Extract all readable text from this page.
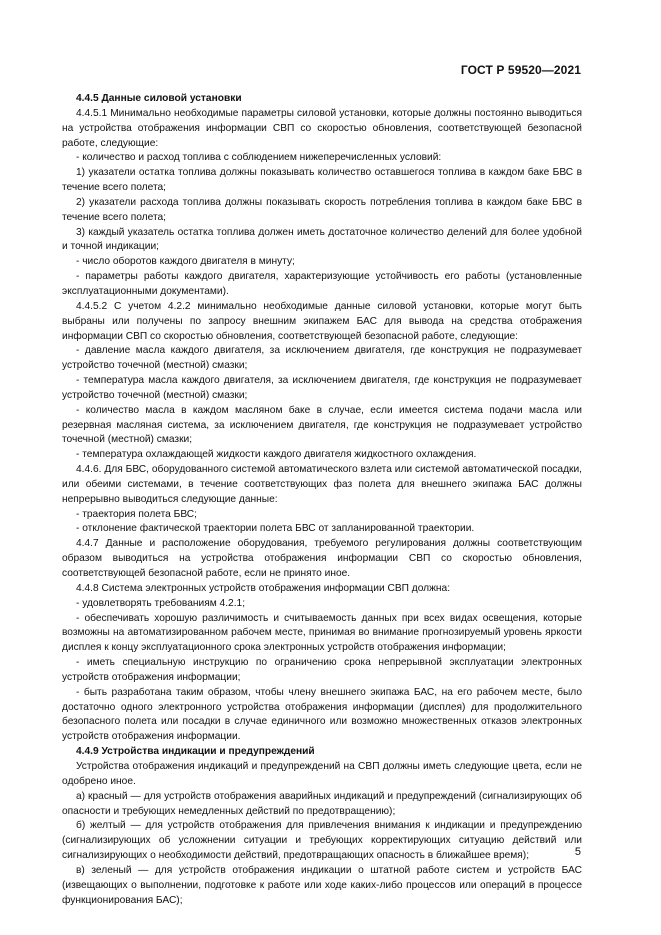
ГОСТ Р 59520—2021

4.4.5 Данные силовой установки

4.4.5.1 Минимально необходимые параметры силовой установки, которые должны постоянно выводиться на устройства отображения информации СВП со скоростью обновления, соответствующей безопасной работе, следующие:

- количество и расход топлива с соблюдением нижеперечисленных условий:

1) указатели остатка топлива должны показывать количество оставшегося топлива в каждом баке БВС в течение всего полета;

2) указатели расхода топлива должны показывать скорость потребления топлива в каждом баке БВС в течение всего полета;

3) каждый указатель остатка топлива должен иметь достаточное количество делений для более удобной и точной индикации;

- число оборотов каждого двигателя в минуту;

- параметры работы каждого двигателя, характеризующие устойчивость его работы (установленные эксплуатационными документами).

4.4.5.2 С учетом 4.2.2 минимально необходимые данные силовой установки, которые могут быть выбраны или получены по запросу внешним экипажем БАС для вывода на средства отображения информации СВП со скоростью обновления, соответствующей безопасной работе, следующие:

- давление масла каждого двигателя, за исключением двигателя, где конструкция не подразумевает устройство точечной (местной) смазки;

- температура масла каждого двигателя, за исключением двигателя, где конструкция не подразумевает устройство точечной (местной) смазки;

- количество масла в каждом масляном баке в случае, если имеется система подачи масла или резервная масляная система, за исключением двигателя, где конструкция не подразумевает устройство точечной (местной) смазки;

- температура охлаждающей жидкости каждого двигателя жидкостного охлаждения.

4.4.6. Для БВС, оборудованного системой автоматического взлета или системой автоматической посадки, или обеими системами, в течение соответствующих фаз полета для внешнего экипажа БАС должны непрерывно выводиться следующие данные:

- траектория полета БВС;

- отклонение фактической траектории полета БВС от запланированной траектории.

4.4.7 Данные и расположение оборудования, требуемого регулирования должны соответствующим образом выводиться на устройства отображения информации СВП со скоростью обновления, соответствующей безопасной работе, если не принято иное.

4.4.8 Система электронных устройств отображения информации СВП должна:

- удовлетворять требованиям 4.2.1;

- обеспечивать хорошую различимость и считываемость данных при всех видах освещения, которые возможны на автоматизированном рабочем месте, принимая во внимание прогнозируемый уровень яркости дисплея к концу эксплуатационного срока электронных устройств отображения информации;

- иметь специальную инструкцию по ограничению срока непрерывной эксплуатации электронных устройств отображения информации;

- быть разработана таким образом, чтобы члену внешнего экипажа БАС, на его рабочем месте, было достаточно одного электронного устройства отображения информации (дисплея) для продолжительного безопасного полета или посадки в случае единичного или возможно множественных отказов электронных устройств отображения информации.

4.4.9 Устройства индикации и предупреждений

Устройства отображения индикаций и предупреждений на СВП должны иметь следующие цвета, если не одобрено иное.

а) красный — для устройств отображения аварийных индикаций и предупреждений (сигнализирующих об опасности и требующих немедленных действий по предотвращению);

б) желтый — для устройств отображения для привлечения внимания к индикации и предупреждению (сигнализирующих об усложнении ситуации и требующих корректирующих ситуацию действий или сигнализирующих о необходимости действий, предотвращающих опасность в ближайшее время);

в) зеленый — для устройств отображения индикации о штатной работе систем и устройств БАС (извещающих о выполнении, подготовке к работе или ходе каких-либо процессов или операций в процессе функционирования БАС);

5
